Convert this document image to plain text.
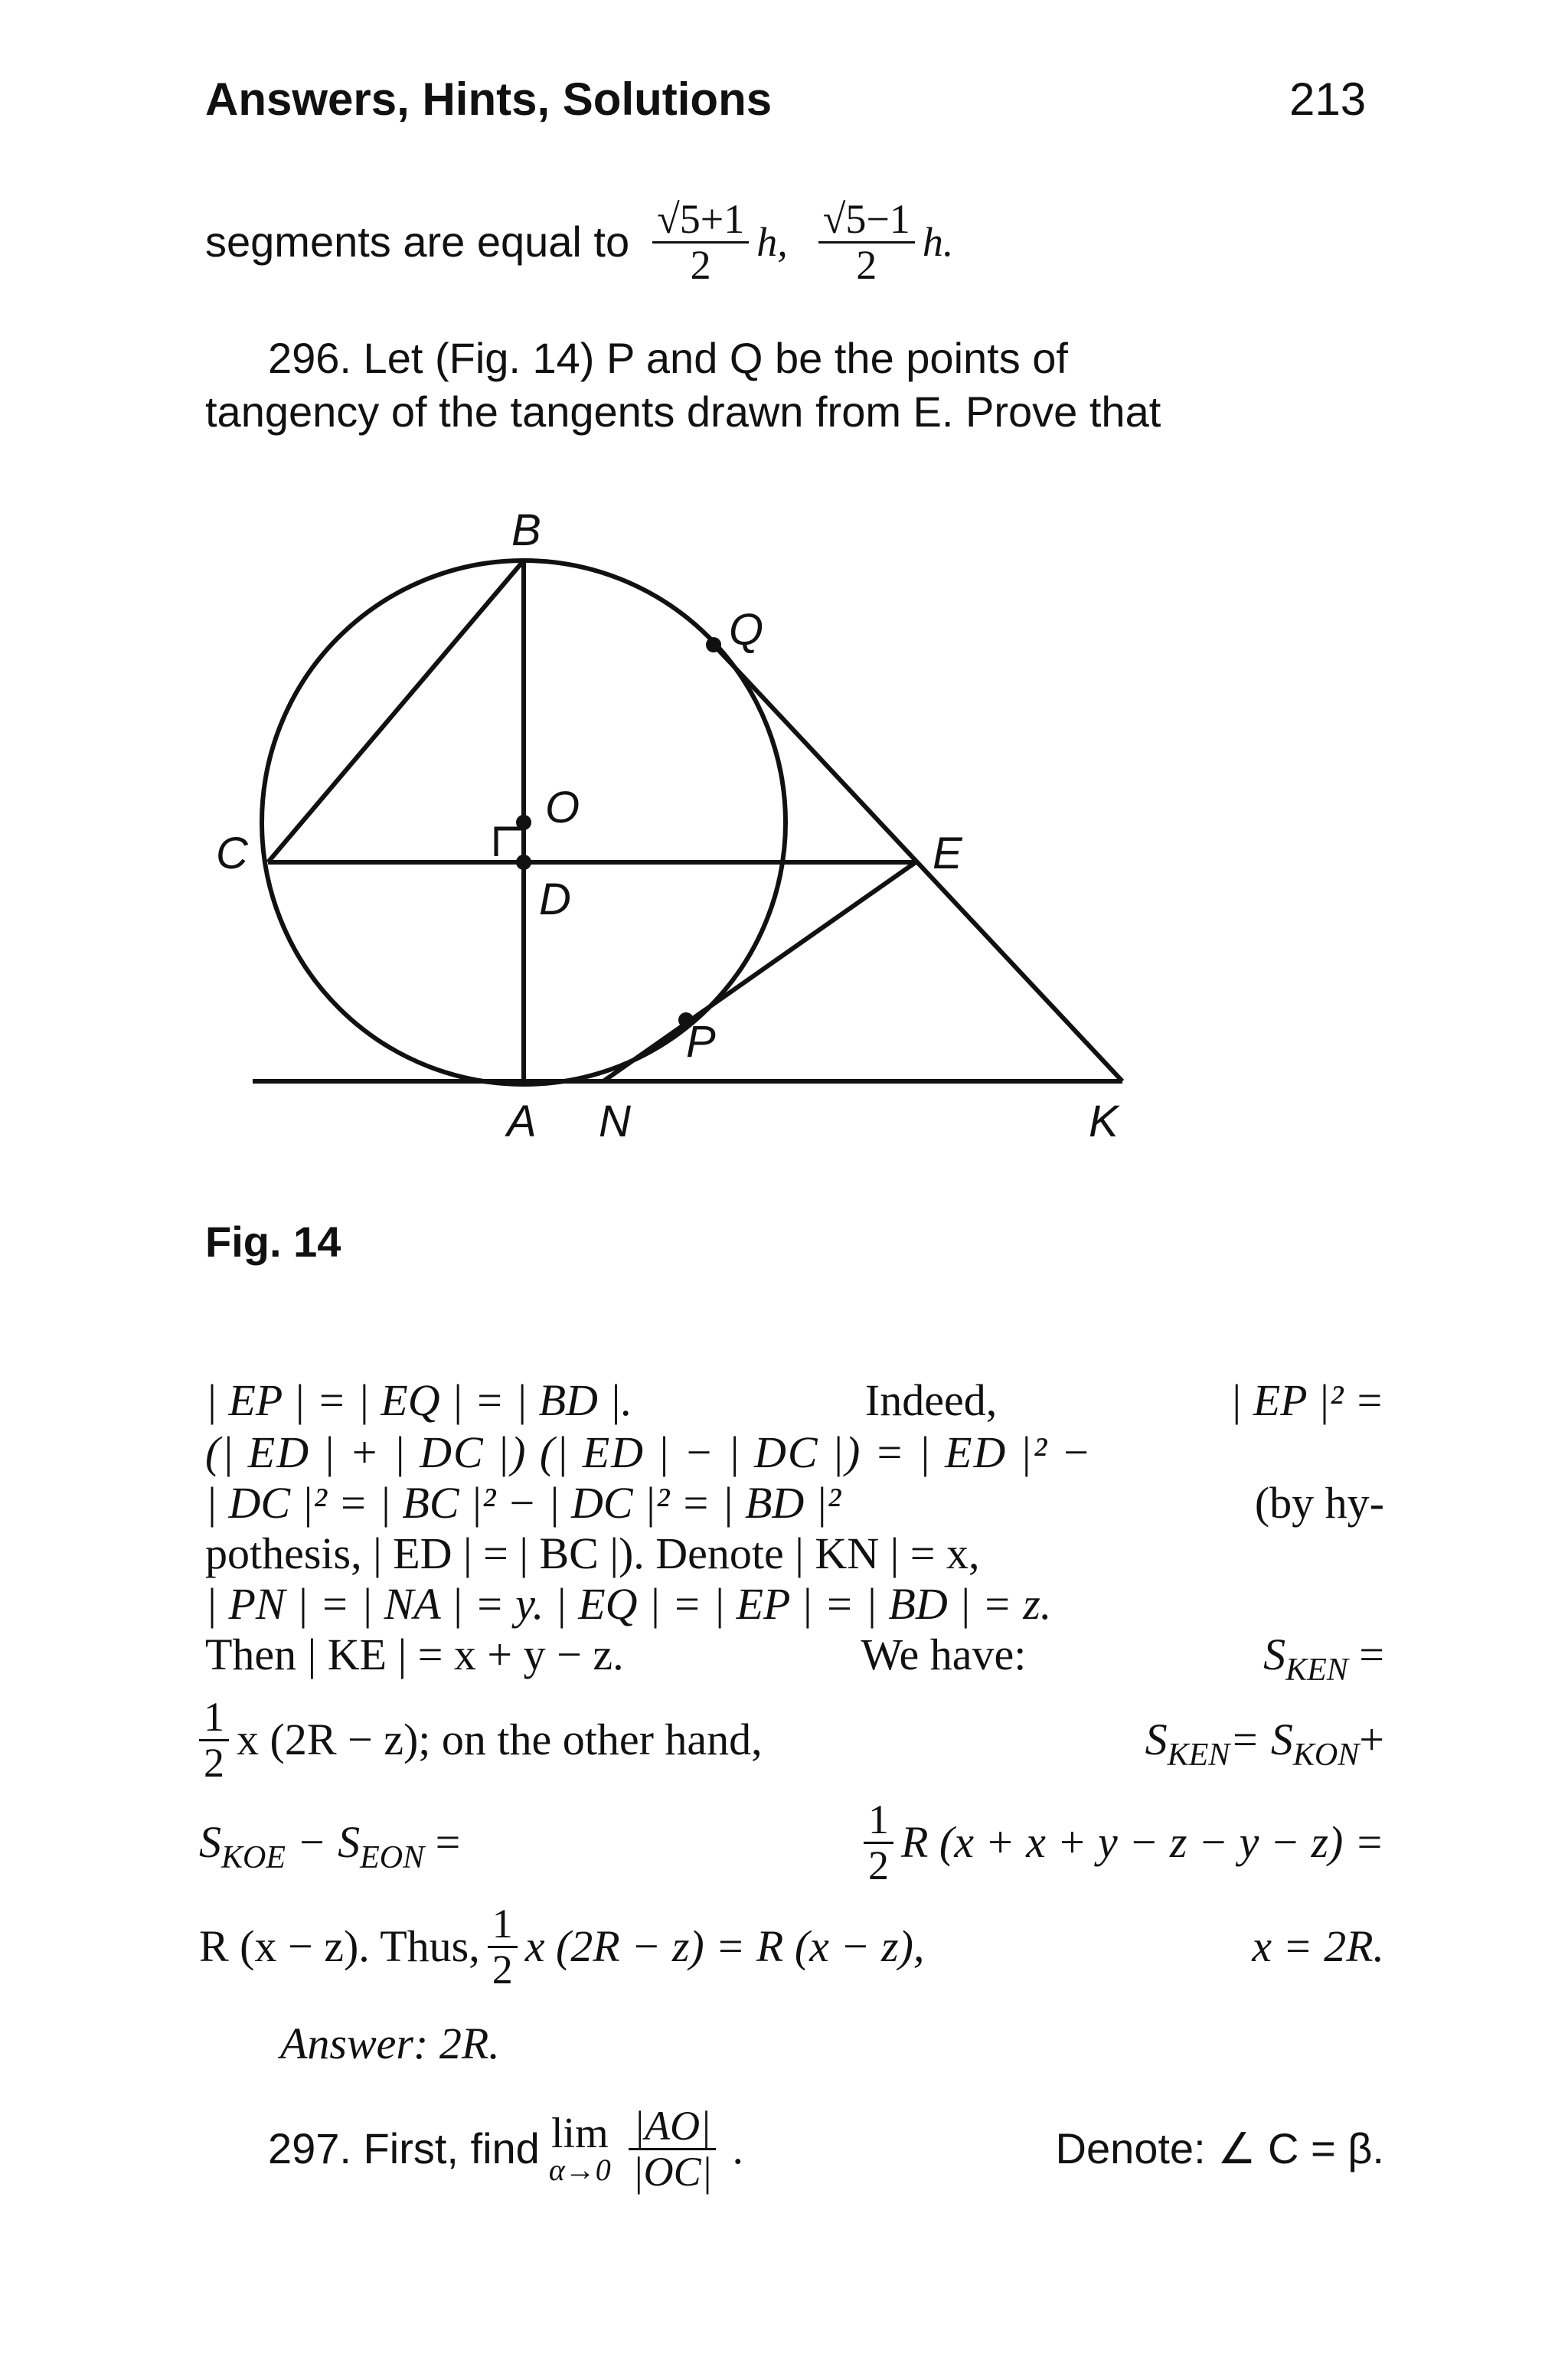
Answers, Hints, Solutions	213
segments are equal to $\frac{√5+1}{2} h$, $\frac{√5-1}{2} h$.
296. Let (Fig. 14) P and Q be the points of
tangency of the tangents drawn from E. Prove that
B
Q
O
C
D
E
P
A N	K
Fig. 14
| EP | = | EQ | = | BD |.	Indeed,	| EP |² =
(| ED | + | DC |) (| ED | − | DC |) = | ED |² −
| DC |² = | BC |² − | DC |² = | BD |²	(by hy-
pothesis, | ED | = | BC |). Denote | KN | = x,
| PN | = | NA | = y. | EQ | = | EP | = | BD | = z.
Then | KE | = x + y − z.	We have:	$S_{KEN}$ =
$\frac{1}{2}$ x (2R − z); on the other hand,	$S_{KEN}= S_{KON}+$
$S_{KOE} - S_{EON}$ =	$\frac{1}{2}$ R (x + x + y − z − y − z) =
R (x − z). Thus, $\frac{1}{2}$ x (2R − z) = R (x − z),	x = 2R.
Answer: 2R.
297. First, find lim
$\alpha\to 0 \frac{|AO|}{|OC|}$ .	Denote: ∠ C = β.
